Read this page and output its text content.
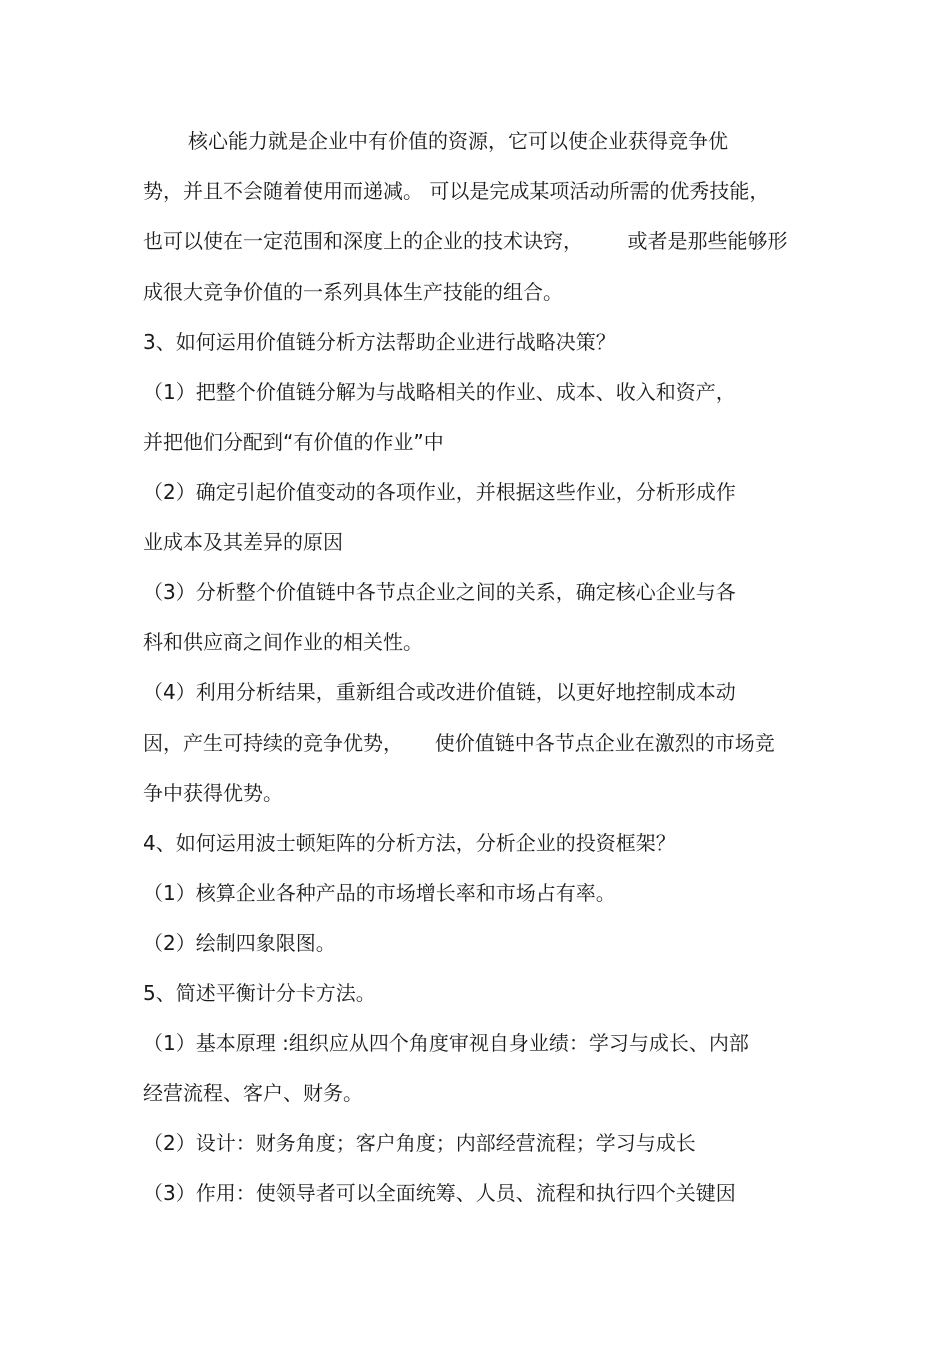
核心能力就是企业中有价值的资源，它可以使企业获得竞争优
势，并且不会随着使用而递减。 可以是完成某项活动所需的优秀技能，
也可以使在一定范围和深度上的企业的技术诀窍，       或者是那些能够形
成很大竞争价值的一系列具体生产技能的组合。
3、如何运用价值链分析方法帮助企业进行战略决策？
（1）把整个价值链分解为与战略相关的作业、成本、收入和资产，
并把他们分配到“有价值的作业”中
（2）确定引起价值变动的各项作业，并根据这些作业，分析形成作
业成本及其差异的原因
（3）分析整个价值链中各节点企业之间的关系，确定核心企业与各
科和供应商之间作业的相关性。
（4）利用分析结果，重新组合或改进价值链，以更好地控制成本动
因，产生可持续的竞争优势，     使价值链中各节点企业在激烈的市场竞
争中获得优势。
4、如何运用波士顿矩阵的分析方法，分析企业的投资框架？
（1）核算企业各种产品的市场增长率和市场占有率。
（2）绘制四象限图。
5、简述平衡计分卡方法。
（1）基本原理 :组织应从四个角度审视自身业绩：学习与成长、内部
经营流程、客户、财务。
（2）设计：财务角度；客户角度；内部经营流程；学习与成长
（3）作用：使领导者可以全面统筹、人员、流程和执行四个关键因
